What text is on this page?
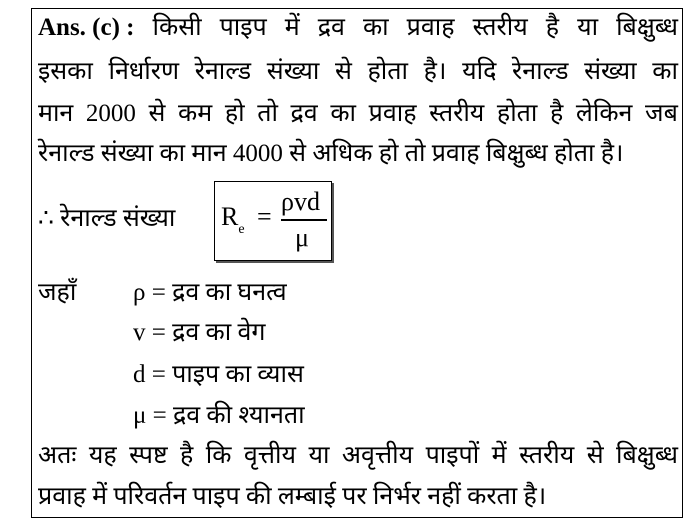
Ans. (c) : किसी पाइप में द्रव का प्रवाह स्तरीय है या बिक्षुब्ध
इसका निर्धारण रेनाल्ड संख्या से होता है। यदि रेनाल्ड संख्या का
मान 2000 से कम हो तो द्रव का प्रवाह स्तरीय होता है लेकिन जब
रेनाल्ड संख्या का मान 4000 से अधिक हो तो प्रवाह बिक्षुब्ध होता है।
∴ रेनाल्ड संख्या $R_e$ =
ρvd
μ
जहाँ ρ = द्रव का घनत्व
v = द्रव का वेग
d = पाइप का व्यास
μ = द्रव की श्यानता
अतः यह स्पष्ट है कि वृत्तीय या अवृत्तीय पाइपों में स्तरीय से बिक्षुब्ध
प्रवाह में परिवर्तन पाइप की लम्बाई पर निर्भर नहीं करता है।
